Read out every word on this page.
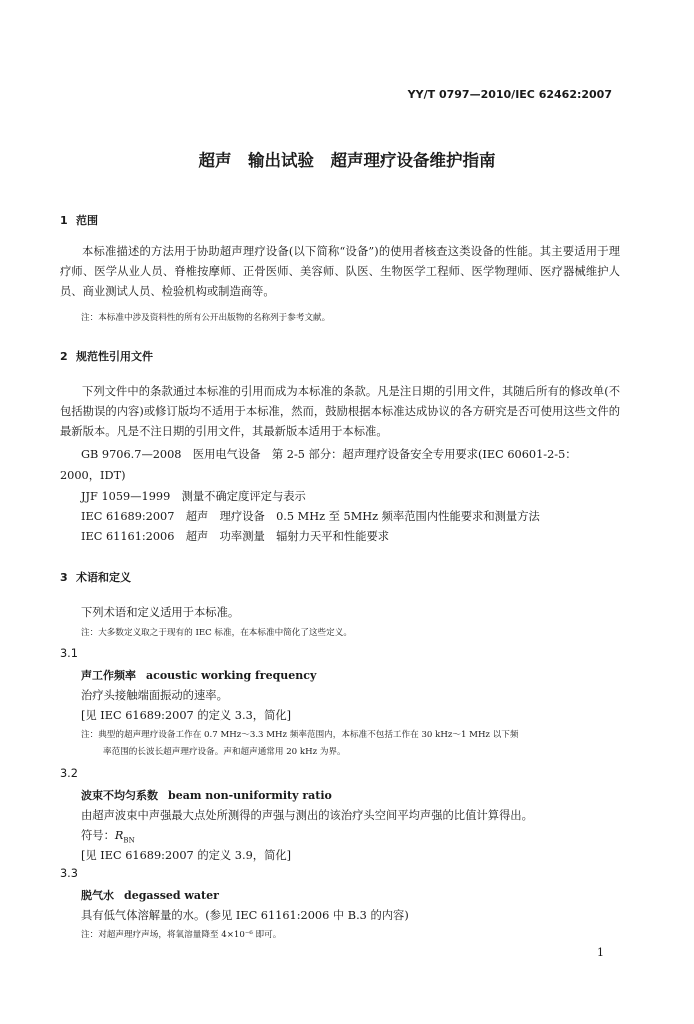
YY/T 0797—2010/IEC 62462:2007
超声　输出试验　超声理疗设备维护指南
1 范围
本标准描述的方法用于协助超声理疗设备(以下简称“设备”)的使用者核查这类设备的性能。其主要适用于理疗师、医学从业人员、脊椎按摩师、正骨医师、美容师、队医、生物医学工程师、医学物理师、医疗器械维护人员、商业测试人员、检验机构或制造商等。
注：本标准中涉及资料性的所有公开出版物的名称列于参考文献。
2 规范性引用文件
下列文件中的条款通过本标准的引用而成为本标准的条款。凡是注日期的引用文件，其随后所有的修改单(不包括勘误的内容)或修订版均不适用于本标准，然而，鼓励根据本标准达成协议的各方研究是否可使用这些文件的最新版本。凡是不注日期的引用文件，其最新版本适用于本标准。
GB 9706.7—2008　医用电气设备　第 2-5 部分：超声理疗设备安全专用要求(IEC 60601-2-5：
2000，IDT)
JJF 1059—1999　测量不确定度评定与表示
IEC 61689:2007　超声　理疗设备　0.5 MHz 至 5MHz 频率范围内性能要求和测量方法
IEC 61161:2006　超声　功率测量　辐射力天平和性能要求
3 术语和定义
下列术语和定义适用于本标准。
注：大多数定义取之于现有的 IEC 标准，在本标准中简化了这些定义。
3.1
声工作频率 acoustic working frequency
治疗头接触端面振动的速率。
[见 IEC 61689:2007 的定义 3.3，简化]
注：典型的超声理疗设备工作在 0.7 MHz～3.3 MHz 频率范围内，本标准不包括工作在 30 kHz～1 MHz 以下频
率范围的长波长超声理疗设备。声和超声通常用 20 kHz 为界。
3.2
波束不均匀系数 beam non-uniformity ratio
由超声波束中声强最大点处所测得的声强与测出的该治疗头空间平均声强的比值计算得出。
符号：$R_{BN}$
[见 IEC 61689:2007 的定义 3.9，简化]
3.3
脱气水 degassed water
具有低气体溶解量的水。(参见 IEC 61161:2006 中 B.3 的内容)
注：对超声理疗声场，将氧溶量降至 4×10⁻⁶ 即可。
1
